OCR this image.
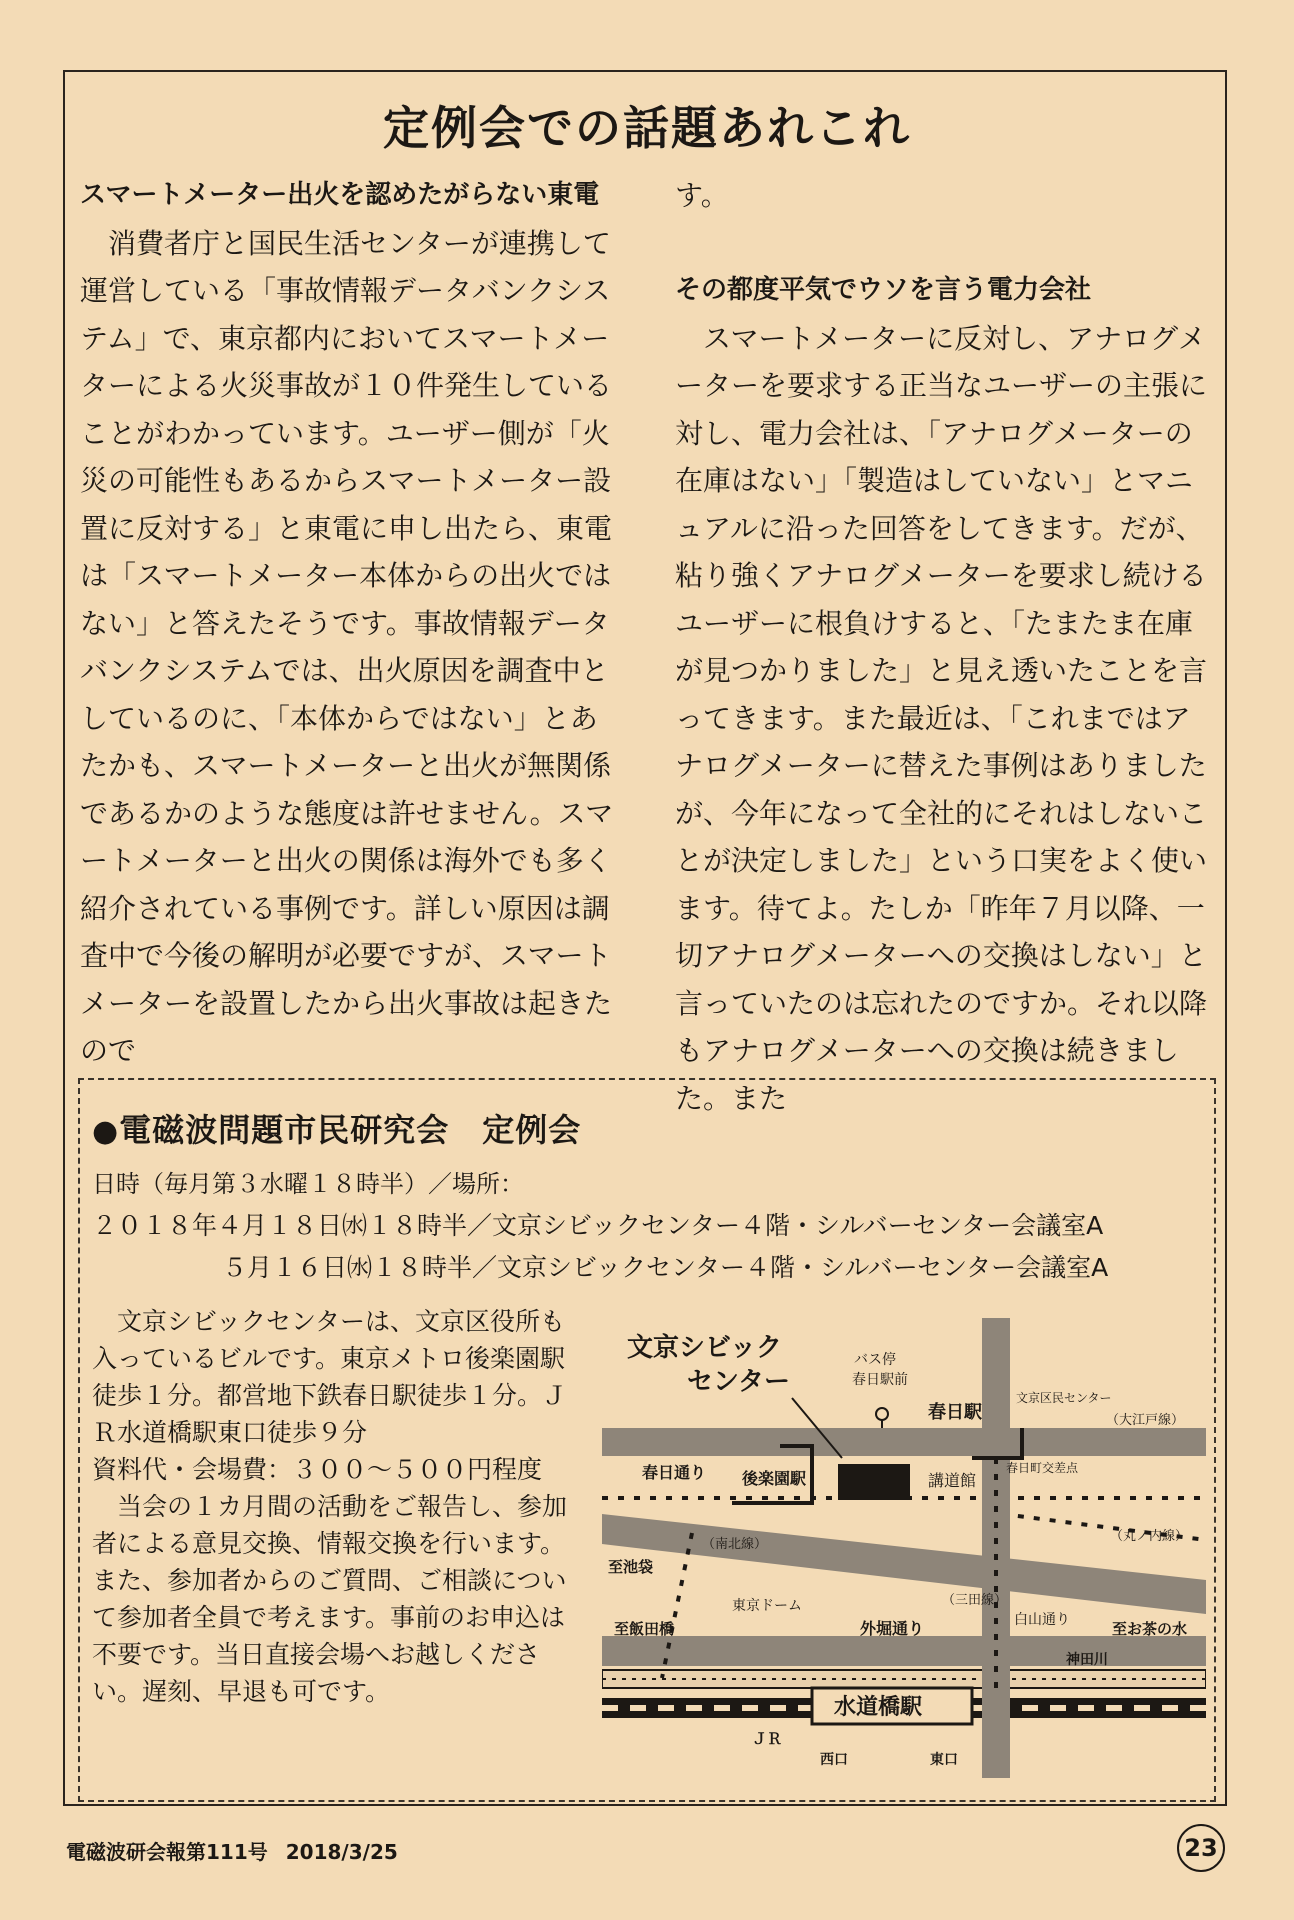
定例会での話題あれこれ
スマートメーター出火を認めたがらない東電

消費者庁と国民生活センターが連携して運営している「事故情報データバンクシステム」で、東京都内においてスマートメーターによる火災事故が１０件発生していることがわかっています。ユーザー側が「火災の可能性もあるからスマートメーター設置に反対する」と東電に申し出たら、東電は「スマートメーター本体からの出火ではない」と答えたそうです。事故情報データバンクシステムでは、出火原因を調査中としているのに、「本体からではない」とあたかも、スマートメーターと出火が無関係であるかのような態度は許せません。スマートメーターと出火の関係は海外でも多く紹介されている事例です。詳しい原因は調査中で今後の解明が必要ですが、スマートメーターを設置したから出火事故は起きたので

す。

その都度平気でウソを言う電力会社

スマートメーターに反対し、アナログメーターを要求する正当なユーザーの主張に対し、電力会社は、「アナログメーターの在庫はない」「製造はしていない」とマニュアルに沿った回答をしてきます。だが、粘り強くアナログメーターを要求し続けるユーザーに根負けすると、「たまたま在庫が見つかりました」と見え透いたことを言ってきます。また最近は、「これまではアナログメーターに替えた事例はありましたが、今年になって全社的にそれはしないことが決定しました」という口実をよく使います。待てよ。たしか「昨年７月以降、一切アナログメーターへの交換はしない」と言っていたのは忘れたのですか。それ以降もアナログメーターへの交換は続きました。また

●電磁波問題市民研究会　定例会
日時（毎月第３水曜１８時半）／場所：
２０１８年４月１８日㈬１８時半／文京シビックセンター４階・シルバーセンター会議室A
５月１６日㈬１８時半／文京シビックセンター４階・シルバーセンター会議室A

文京シビックセンターは、文京区役所も入っているビルです。東京メトロ後楽園駅徒歩１分。都営地下鉄春日駅徒歩１分。ＪＲ水道橋駅東口徒歩９分

資料代・会場費：３００～５００円程度

当会の１カ月間の活動をご報告し、参加者による意見交換、情報交換を行います。また、参加者からのご質問、ご相談について参加者全員で考えます。事前のお申込は不要です。当日直接会場へお越しください。遅刻、早退も可です。

文京シビック
センター
バス停
春日駅前
春日駅
文京区民センター
（大江戸線）
春日通り 後楽園駅	講道館
春日町交差点
（丸ノ内線）
（南北線）
至池袋
東京ドーム	（三田線）
白山通り
至飯田橋	外堀通り	至お茶の水
神田川
水道橋駅
ＪＲ
西口	東口
電磁波研会報第111号 2018/3/25	23
